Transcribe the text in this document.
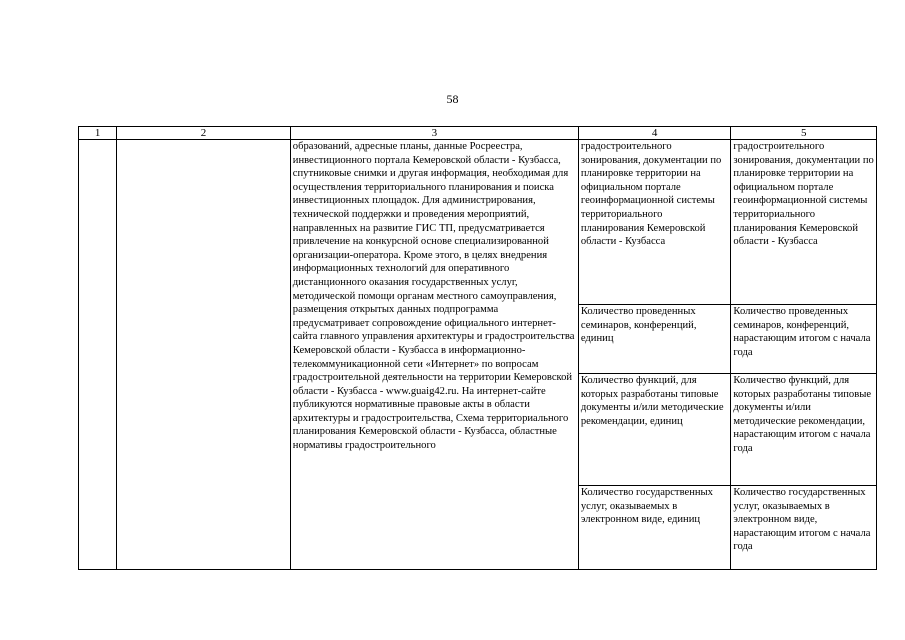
58
1	2	3	4	5

		образований, адресные планы, данные Росреестра, инвестиционного портала Кемеровской области - Кузбасса, спутниковые снимки и другая информация, необходимая для осуществления территориального планирования и поиска инвестиционных площадок. Для администрирования, технической поддержки и проведения мероприятий, направленных на развитие ГИС ТП, предусматривается привлечение на конкурсной основе специализированной организации-оператора. Кроме этого, в целях внедрения информационных технологий для оперативного дистанционного оказания государственных услуг, методической помощи органам местного самоуправления, размещения открытых данных подпрограмма предусматривает сопровождение официального интернет-сайта главного управления архитектуры и градостроительства Кемеровской области - Кузбасса в информационно-телекоммуникационной сети «Интернет» по вопросам градостроительной деятельности на территории Кемеровской области - Кузбасса - www.guaig42.ru. На интернет-сайте публикуются нормативные правовые акты в области архитектуры и градостроительства, Схема территориального планирования Кемеровской области - Кузбасса, областные нормативы градостроительного	градостроительного зонирования, документации по планировке территории на официальном портале геоинформационной системы территориального планирования Кемеровской области - Кузбасса	градостроительного зонирования, документации по планировке территории на официальном портале геоинформационной системы территориального планирования Кемеровской области - Кузбасса

			Количество проведенных семинаров, конференций, единиц	Количество проведенных семинаров, конференций, нарастающим итогом с начала года

			Количество функций, для которых разработаны типовые документы и/или методические рекомендации, единиц	Количество функций, для которых разработаны типовые документы и/или методические рекомендации, нарастающим итогом с начала года

			Количество государственных услуг, оказываемых в электронном виде, единиц	Количество государственных услуг, оказываемых в электронном виде, нарастающим итогом с начала года
